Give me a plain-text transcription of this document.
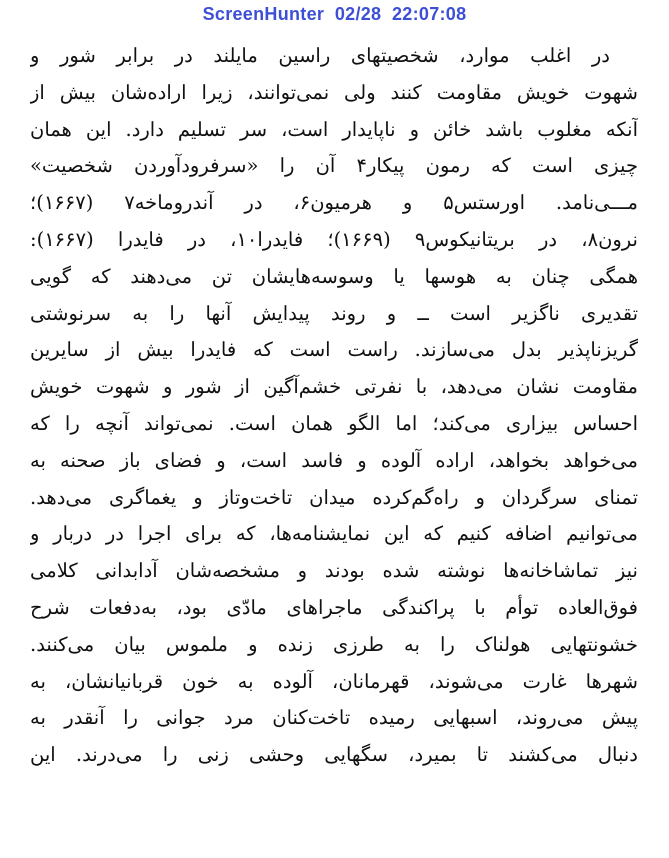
ScreenHunter  02/28  22:07:08
در اغلب موارد، شخصیتهای راسین مایلند در برابر شور و
شهوت خویش مقاومت کنند ولی نمی‌توانند، زیرا اراده‌شان بیش از
آنکه مغلوب باشد خائن و ناپایدار است، سر تسلیم دارد. این همان
چیزی است که رمون پیکار۴ آن را «سرفرودآوردن شخصیت»
مـــی‌نامد. اورستس۵ و هرمیون۶، در آندروماخه۷ (۱۶۶۷)؛
نرون۸، در بریتانیکوس۹ (۱۶۶۹)؛ فایدرا۱۰، در فایدرا (۱۶۶۷):
همگی چنان به هوسها یا وسوسه‌هایشان تن می‌دهند که گویی
تقدیری ناگزیر است ــ و روند پیدایش آنها را به سرنوشتی
گریزناپذیر بدل می‌سازند. راست است که فایدرا بیش از سایرین
مقاومت نشان می‌دهد، با نفرتی خشم‌آگین از شور و شهوت خویش
احساس بیزاری می‌کند؛ اما الگو همان است. نمی‌تواند آنچه را که
می‌خواهد بخواهد، اراده آلوده و فاسد است، و فضای باز صحنه به
تمنای سرگردان و راه‌گم‌کرده میدان تاخت‌وتاز و یغماگری می‌دهد.
می‌توانیم اضافه کنیم که این نمایشنامه‌ها، که برای اجرا در دربار و
نیز تماشاخانه‌ها نوشته شده بودند و مشخصه‌شان آدابدانی کلامی
فوق‌العاده توأم با پراکندگی ماجراهای مادّی بود، به‌دفعات شرح
خشونتهایی هولناک را به طرزی زنده و ملموس بیان می‌کنند.
شهرها غارت می‌شوند، قهرمانان، آلوده به خون قربانیانشان، به
پیش می‌روند، اسبهایی رمیده تاخت‌کنان مرد جوانی را آنقدر به
دنبال می‌کشند تا بمیرد، سگهایی وحشی زنی را می‌درند. این
